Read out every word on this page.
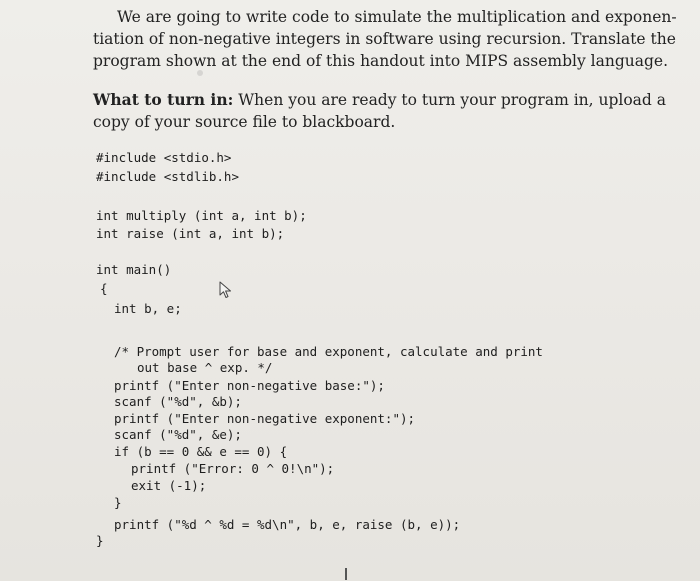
We are going to write code to simulate the multiplication and exponen-
tiation of non-negative integers in software using recursion. Translate the
program shown at the end of this handout into MIPS assembly language.
What to turn in: When you are ready to turn your program in, upload a
copy of your source file to blackboard.
#include <stdio.h>
#include <stdlib.h>
int multiply (int a, int b);
int raise (int a, int b);
int main()
{
int b, e;
/* Prompt user for base and exponent, calculate and print
out base ^ exp. */
printf ("Enter non-negative base:");
scanf ("%d", &b);
printf ("Enter non-negative exponent:");
scanf ("%d", &e);
if (b == 0 && e == 0) {
printf ("Error: 0 ^ 0!\n");
exit (-1);
}
printf ("%d ^ %d = %d\n", b, e, raise (b, e));
}
